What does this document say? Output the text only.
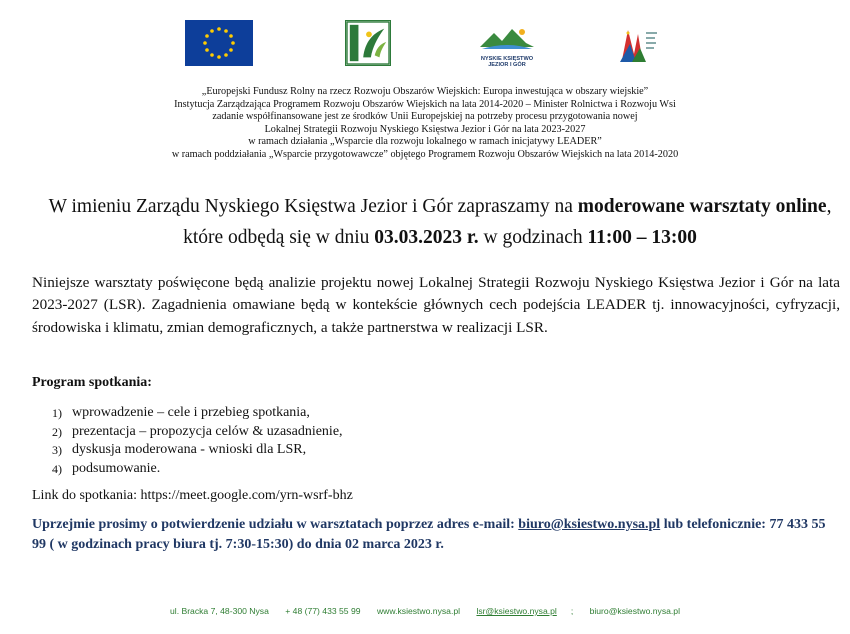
NYSKIE KSIĘSTWO
JEZIOR I GÓR
„Europejski Fundusz Rolny na rzecz Rozwoju Obszarów Wiejskich: Europa inwestująca w obszary wiejskie”
Instytucja Zarządzająca Programem Rozwoju Obszarów Wiejskich na lata 2014-2020 – Minister Rolnictwa i Rozwoju Wsi
zadanie współfinansowane jest ze środków Unii Europejskiej na potrzeby procesu przygotowania nowej
Lokalnej Strategii Rozwoju Nyskiego Księstwa Jezior i Gór na lata 2023-2027
w ramach działania „Wsparcie dla rozwoju lokalnego w ramach inicjatywy LEADER”
w ramach poddziałania „Wsparcie przygotowawcze” objętego Programem Rozwoju Obszarów Wiejskich na lata 2014-2020
W imieniu Zarządu Nyskiego Księstwa Jezior i Gór zapraszamy na moderowane warsztaty online, które odbędą się w dniu 03.03.2023 r. w godzinach 11:00 – 13:00
Niniejsze warsztaty poświęcone będą analizie projektu nowej Lokalnej Strategii Rozwoju Nyskiego Księstwa Jezior i Gór na lata 2023-2027 (LSR). Zagadnienia omawiane będą w kontekście głównych cech podejścia LEADER tj. innowacyjności, cyfryzacji, środowiska i klimatu, zmian demograficznych, a także partnerstwa w realizacji LSR.
Program spotkania:
1) wprowadzenie – cele i przebieg spotkania,
2) prezentacja – propozycja celów & uzasadnienie,
3) dyskusja moderowana - wnioski dla LSR,
4) podsumowanie.
Link do spotkania: https://meet.google.com/yrn-wsrf-bhz
Uprzejmie prosimy o potwierdzenie udziału w warsztatach poprzez adres e-mail: biuro@ksiestwo.nysa.pl lub telefonicznie: 77 433 55 99 ( w godzinach pracy biura tj. 7:30-15:30) do dnia 02 marca 2023 r.
ul. Bracka 7, 48-300 Nysa + 48 (77) 433 55 99 www.ksiestwo.nysa.pl lsr@ksiestwo.nysa.pl ; biuro@ksiestwo.nysa.pl
